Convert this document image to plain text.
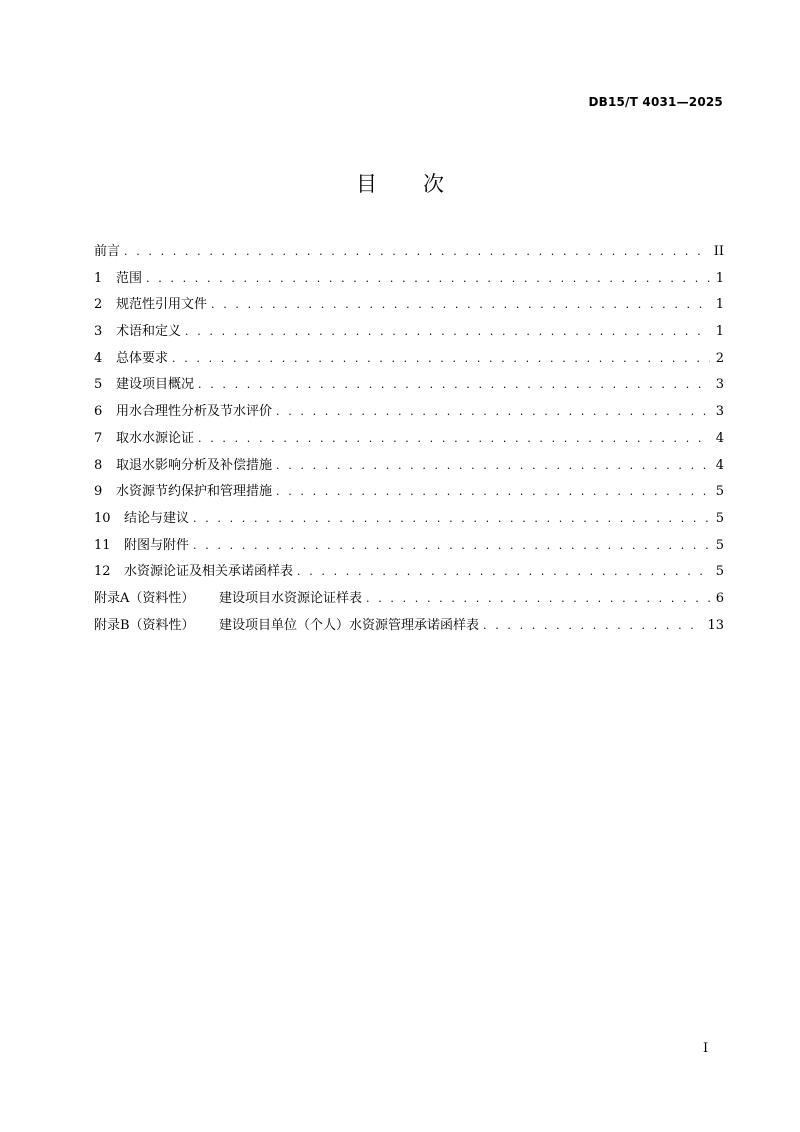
DB15/T 4031—2025
目 次
前言 . . .	II
1 范围 . . .	1
2 规范性引用文件 . . .	1
3 术语和定义 . . .	1
4 总体要求 . . .	2
5 建设项目概况 . . .	3
6 用水合理性分析及节水评价 . . .	3
7 取水水源论证 . . .	4
8 取退水影响分析及补偿措施 . . .	4
9 水资源节约保护和管理措施 . . .	5
10 结论与建议 . . .	5
11 附图与附件 . . .	5
12 水资源论证及相关承诺函样表 . . .	5
附录A（资料性） 建设项目水资源论证样表 . . .	6
附录B（资料性） 建设项目单位（个人）水资源管理承诺函样表 . . .	13
I
